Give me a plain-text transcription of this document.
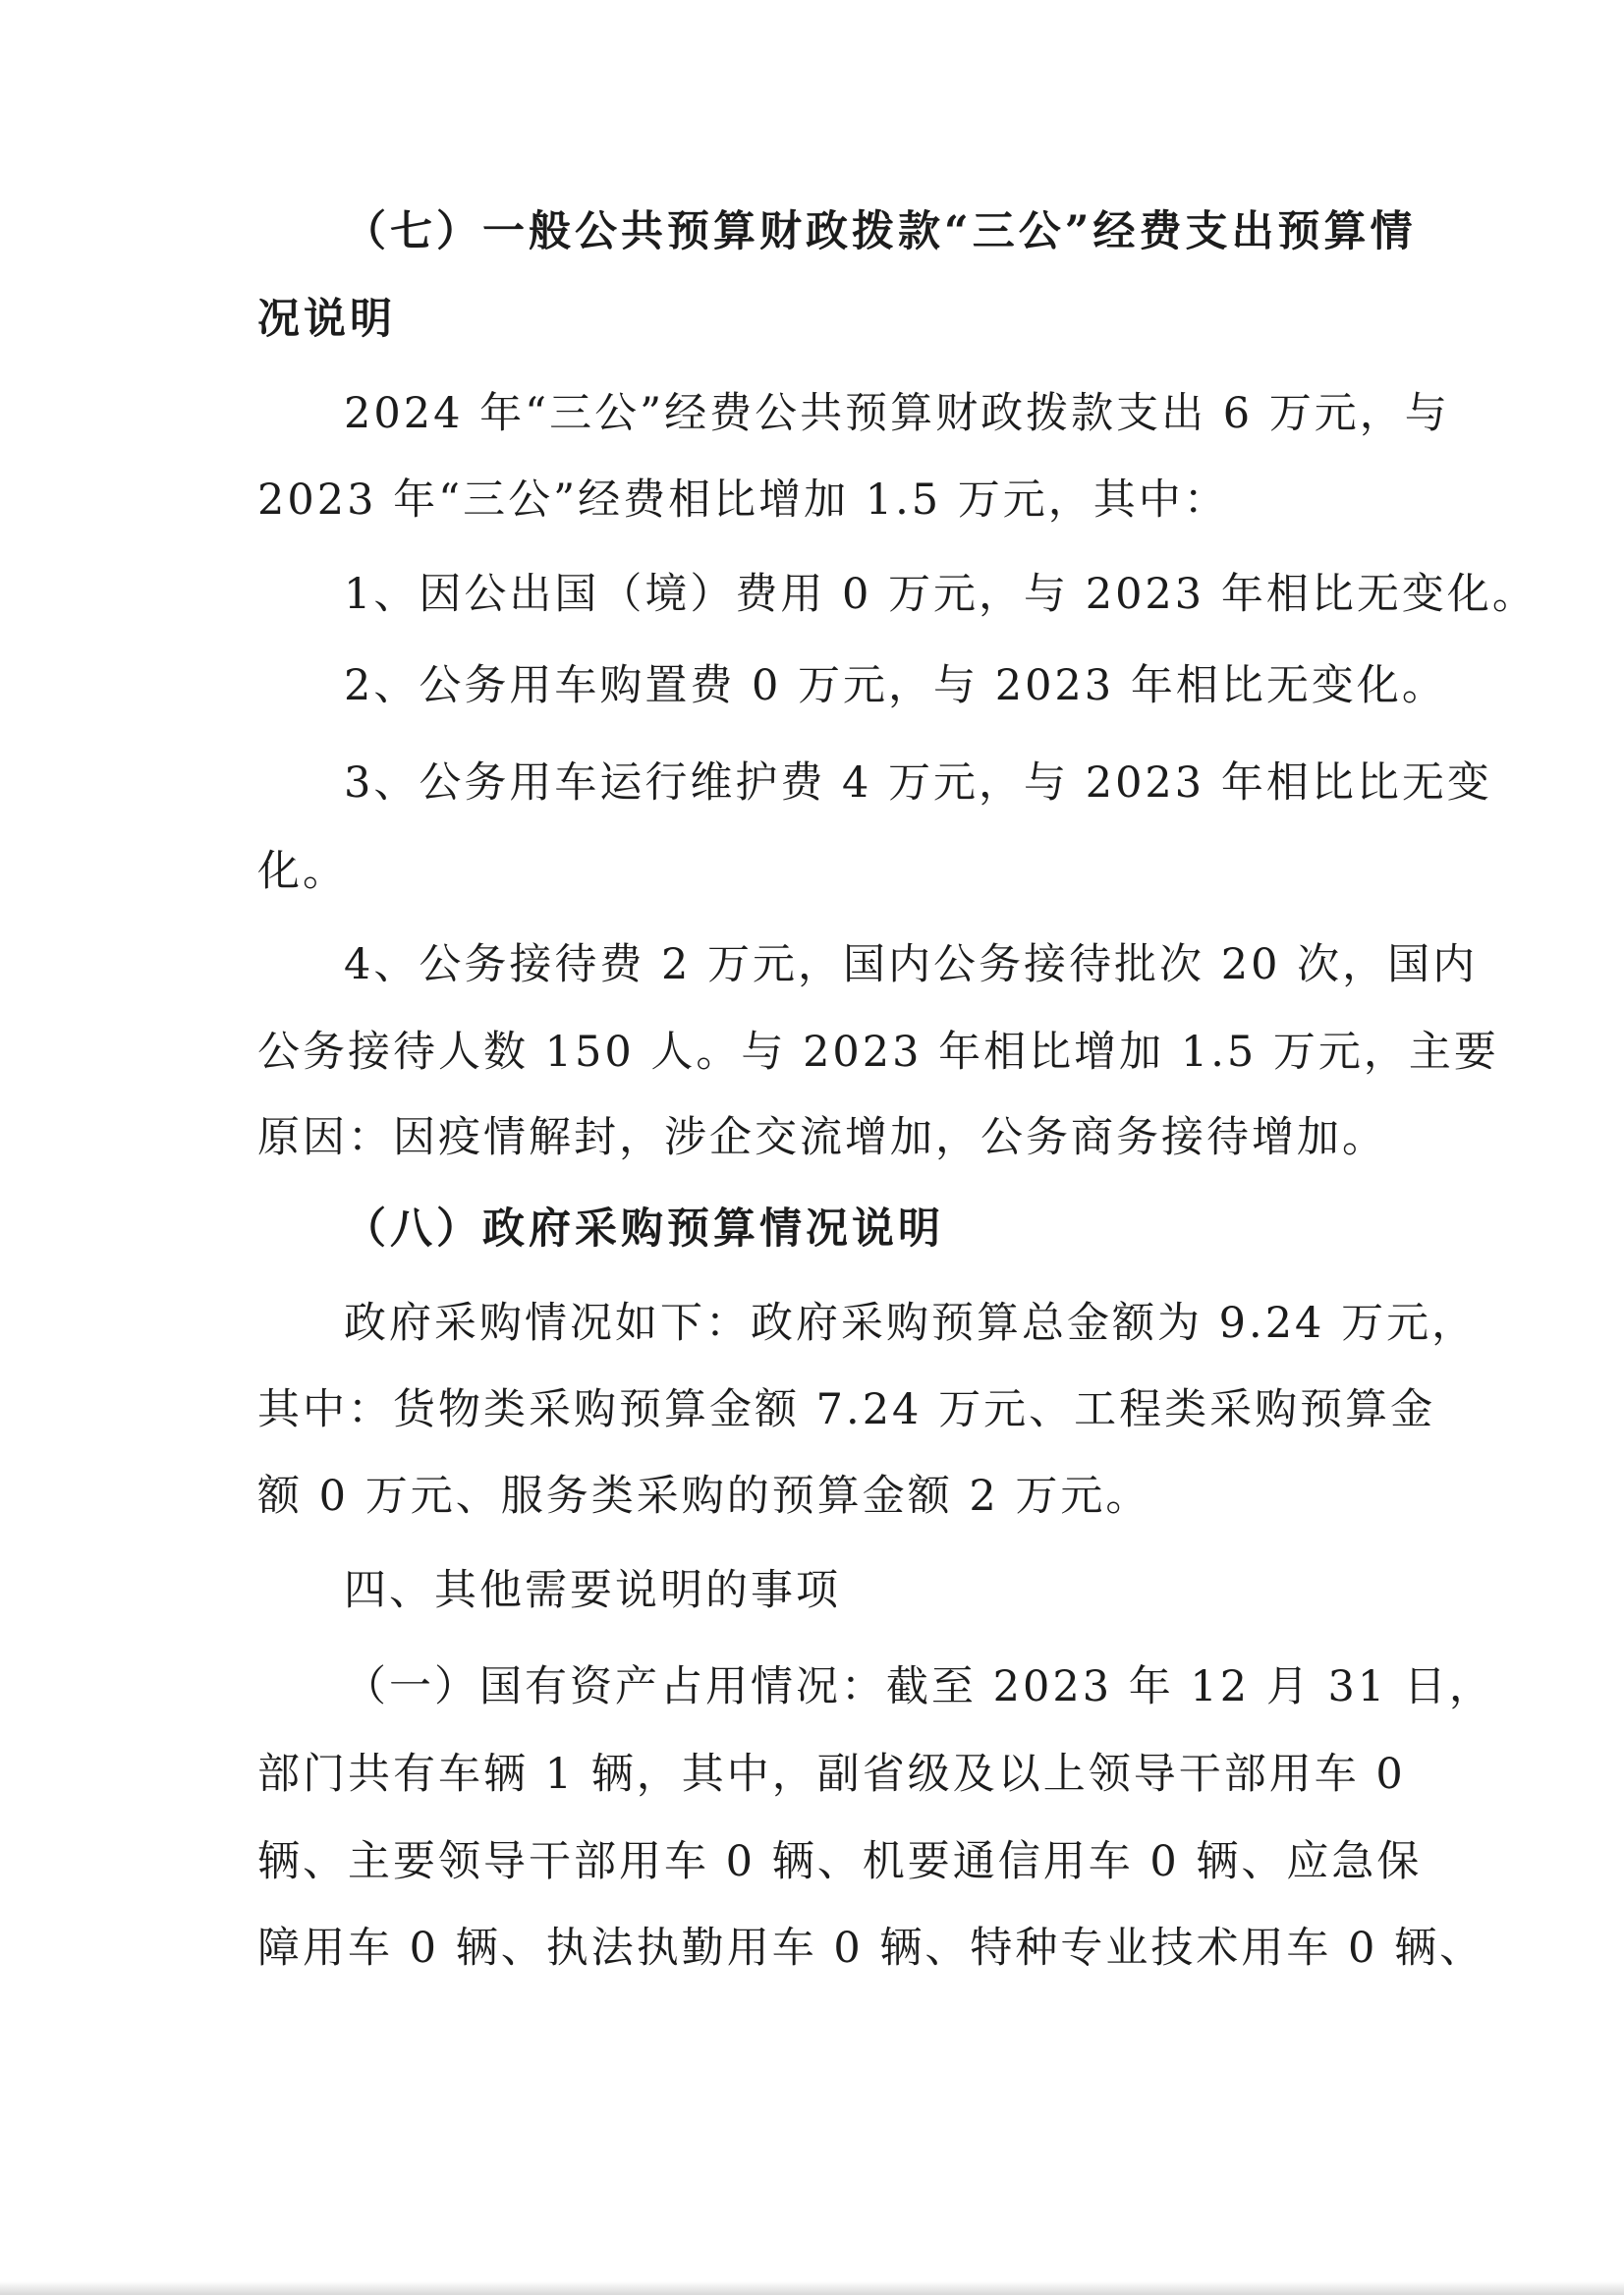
（七）一般公共预算财政拨款“三公”经费支出预算情
况说明
2024 年“三公”经费公共预算财政拨款支出 6 万元，与
2023 年“三公”经费相比增加 1.5 万元，其中：
1、因公出国（境）费用 0 万元，与 2023 年相比无变化。
2、公务用车购置费 0 万元，与 2023 年相比无变化。
3、公务用车运行维护费 4 万元，与 2023 年相比比无变
化。
4、公务接待费 2 万元，国内公务接待批次 20 次，国内
公务接待人数 150 人。与 2023 年相比增加 1.5 万元，主要
原因：因疫情解封，涉企交流增加，公务商务接待增加。
（八）政府采购预算情况说明
政府采购情况如下：政府采购预算总金额为 9.24 万元，
其中：货物类采购预算金额 7.24 万元、工程类采购预算金
额 0 万元、服务类采购的预算金额 2 万元。
四、其他需要说明的事项
（一）国有资产占用情况：截至 2023 年 12 月 31 日，
部门共有车辆 1 辆，其中，副省级及以上领导干部用车 0
辆、主要领导干部用车 0 辆、机要通信用车 0 辆、应急保
障用车 0 辆、执法执勤用车 0 辆、特种专业技术用车 0 辆、
